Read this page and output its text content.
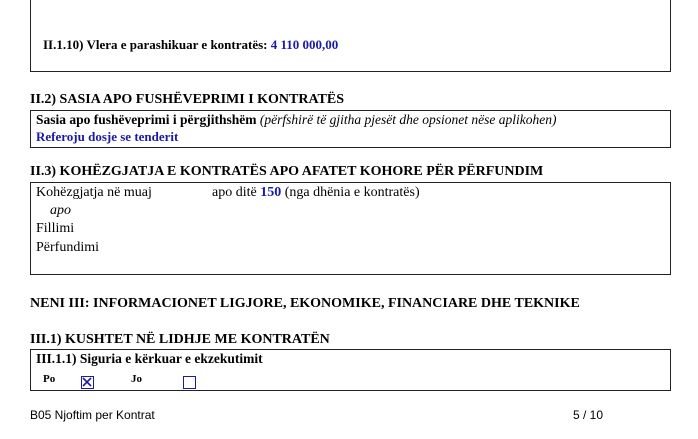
II.1.10) Vlera e parashikuar e kontratës: 4 110 000,00
II.2) SASIA APO FUSHËVEPRIMI I KONTRATËS
Sasia apo fushëveprimi i përgjithshëm (përfshirë të gjitha pjesët dhe opsionet nëse aplikohen)
Referoju dosje se tenderit
II.3) KOHËZGJATJA E KONTRATËS APO AFATET KOHORE PËR PËRFUNDIM
Kohëzgjatja në muaj	apo ditë 150 (nga dhënia e kontratës)
apo
Fillimi
Përfundimi
NENI III: INFORMACIONET LIGJORE, EKONOMIKE, FINANCIARE DHE TEKNIKE
III.1) KUSHTET NË LIDHJE ME KONTRATËN
III.1.1) Siguria e kërkuar e ekzekutimit
Po
	Jo
B05 Njoftim per Kontrat	5 / 10
